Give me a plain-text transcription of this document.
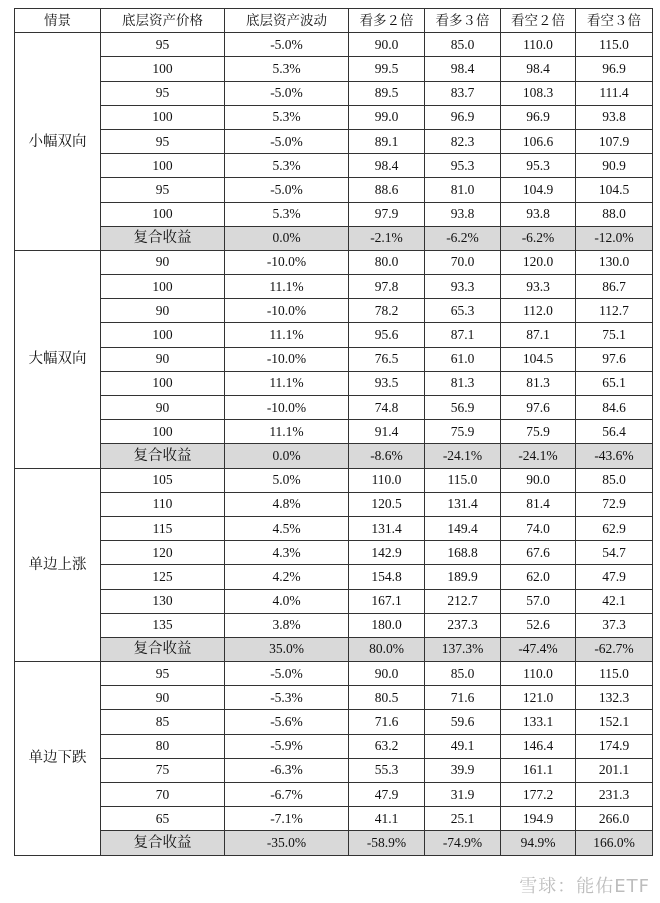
情景	底层资产价格	底层资产波动	看多２倍	看多３倍	看空２倍	看空３倍
小幅双向	95	-5.0%	90.0	85.0	110.0	115.0
	100	5.3%	99.5	98.4	98.4	96.9
	95	-5.0%	89.5	83.7	108.3	111.4
	100	5.3%	99.0	96.9	96.9	93.8
	95	-5.0%	89.1	82.3	106.6	107.9
	100	5.3%	98.4	95.3	95.3	90.9
	95	-5.0%	88.6	81.0	104.9	104.5
	100	5.3%	97.9	93.8	93.8	88.0
	复合收益	0.0%	-2.1%	-6.2%	-6.2%	-12.0%
大幅双向	90	-10.0%	80.0	70.0	120.0	130.0
	100	11.1%	97.8	93.3	93.3	86.7
	90	-10.0%	78.2	65.3	112.0	112.7
	100	11.1%	95.6	87.1	87.1	75.1
	90	-10.0%	76.5	61.0	104.5	97.6
	100	11.1%	93.5	81.3	81.3	65.1
	90	-10.0%	74.8	56.9	97.6	84.6
	100	11.1%	91.4	75.9	75.9	56.4
	复合收益	0.0%	-8.6%	-24.1%	-24.1%	-43.6%
单边上涨	105	5.0%	110.0	115.0	90.0	85.0
	110	4.8%	120.5	131.4	81.4	72.9
	115	4.5%	131.4	149.4	74.0	62.9
	120	4.3%	142.9	168.8	67.6	54.7
	125	4.2%	154.8	189.9	62.0	47.9
	130	4.0%	167.1	212.7	57.0	42.1
	135	3.8%	180.0	237.3	52.6	37.3
	复合收益	35.0%	80.0%	137.3%	-47.4%	-62.7%
单边下跌	95	-5.0%	90.0	85.0	110.0	115.0
	90	-5.3%	80.5	71.6	121.0	132.3
	85	-5.6%	71.6	59.6	133.1	152.1
	80	-5.9%	63.2	49.1	146.4	174.9
	75	-6.3%	55.3	39.9	161.1	201.1
	70	-6.7%	47.9	31.9	177.2	231.3
	65	-7.1%	41.1	25.1	194.9	266.0
	复合收益	-35.0%	-58.9%	-74.9%	94.9%	166.0%
雪球：能佑ETF
